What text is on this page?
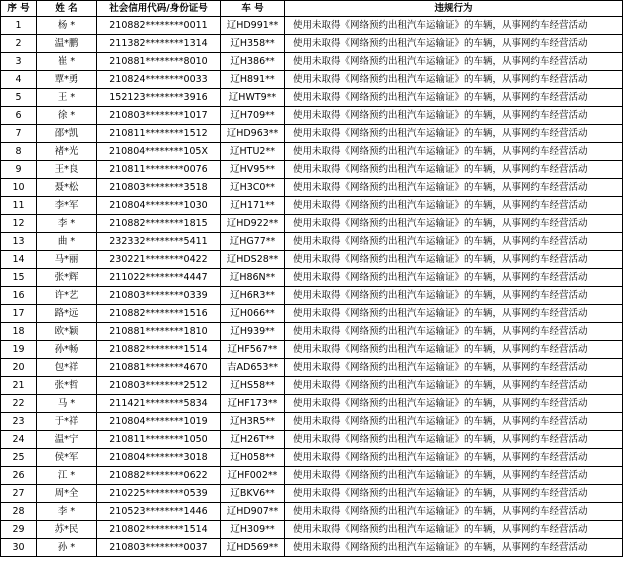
序 号	姓 名	社会信用代码/身份证号	车 号	违规行为
1	杨 *	210882********0011	辽HD991**	使用未取得《网络预约出租汽车运输证》的车辆，从事网约车经营活动
2	温*鹏	211382********1314	辽H358**	使用未取得《网络预约出租汽车运输证》的车辆，从事网约车经营活动
3	崔 *	210881********8010	辽H386**	使用未取得《网络预约出租汽车运输证》的车辆，从事网约车经营活动
4	覃*勇	210824********0033	辽H891**	使用未取得《网络预约出租汽车运输证》的车辆，从事网约车经营活动
5	王 *	152123********3916	辽HWT9**	使用未取得《网络预约出租汽车运输证》的车辆，从事网约车经营活动
6	徐 *	210803********1017	辽H709**	使用未取得《网络预约出租汽车运输证》的车辆，从事网约车经营活动
7	邵*凯	210811********1512	辽HD963**	使用未取得《网络预约出租汽车运输证》的车辆，从事网约车经营活动
8	褚*光	210804********105X	辽HTU2**	使用未取得《网络预约出租汽车运输证》的车辆，从事网约车经营活动
9	王*良	210811********0076	辽HV95**	使用未取得《网络预约出租汽车运输证》的车辆，从事网约车经营活动
10	聂*松	210803********3518	辽H3C0**	使用未取得《网络预约出租汽车运输证》的车辆，从事网约车经营活动
11	李*军	210804********1030	辽H171**	使用未取得《网络预约出租汽车运输证》的车辆，从事网约车经营活动
12	李 *	210882********1815	辽HD922**	使用未取得《网络预约出租汽车运输证》的车辆，从事网约车经营活动
13	曲 *	232332********5411	辽HG77**	使用未取得《网络预约出租汽车运输证》的车辆，从事网约车经营活动
14	马*丽	230221********0422	辽HDS28**	使用未取得《网络预约出租汽车运输证》的车辆，从事网约车经营活动
15	张*辉	211022********4447	辽H86N**	使用未取得《网络预约出租汽车运输证》的车辆，从事网约车经营活动
16	许*艺	210803********0339	辽H6R3**	使用未取得《网络预约出租汽车运输证》的车辆，从事网约车经营活动
17	路*远	210882********1516	辽H066**	使用未取得《网络预约出租汽车运输证》的车辆，从事网约车经营活动
18	欧*颖	210881********1810	辽H939**	使用未取得《网络预约出租汽车运输证》的车辆，从事网约车经营活动
19	孙*畅	210882********1514	辽HF567**	使用未取得《网络预约出租汽车运输证》的车辆，从事网约车经营活动
20	包*祥	210881********4670	吉AD653**	使用未取得《网络预约出租汽车运输证》的车辆，从事网约车经营活动
21	张*哲	210803********2512	辽HS58**	使用未取得《网络预约出租汽车运输证》的车辆，从事网约车经营活动
22	马 *	211421********5834	辽HF173**	使用未取得《网络预约出租汽车运输证》的车辆，从事网约车经营活动
23	于*祥	210804********1019	辽H3R5**	使用未取得《网络预约出租汽车运输证》的车辆，从事网约车经营活动
24	温*宁	210811********1050	辽H26T**	使用未取得《网络预约出租汽车运输证》的车辆，从事网约车经营活动
25	侯*军	210804********3018	辽H058**	使用未取得《网络预约出租汽车运输证》的车辆，从事网约车经营活动
26	江 *	210882********0622	辽HF002**	使用未取得《网络预约出租汽车运输证》的车辆，从事网约车经营活动
27	周*全	210225********0539	辽BKV6**	使用未取得《网络预约出租汽车运输证》的车辆，从事网约车经营活动
28	李 *	210523********1446	辽HD907**	使用未取得《网络预约出租汽车运输证》的车辆，从事网约车经营活动
29	苏*民	210802********1514	辽H309**	使用未取得《网络预约出租汽车运输证》的车辆，从事网约车经营活动
30	孙 *	210803********0037	辽HD569**	使用未取得《网络预约出租汽车运输证》的车辆，从事网约车经营活动
